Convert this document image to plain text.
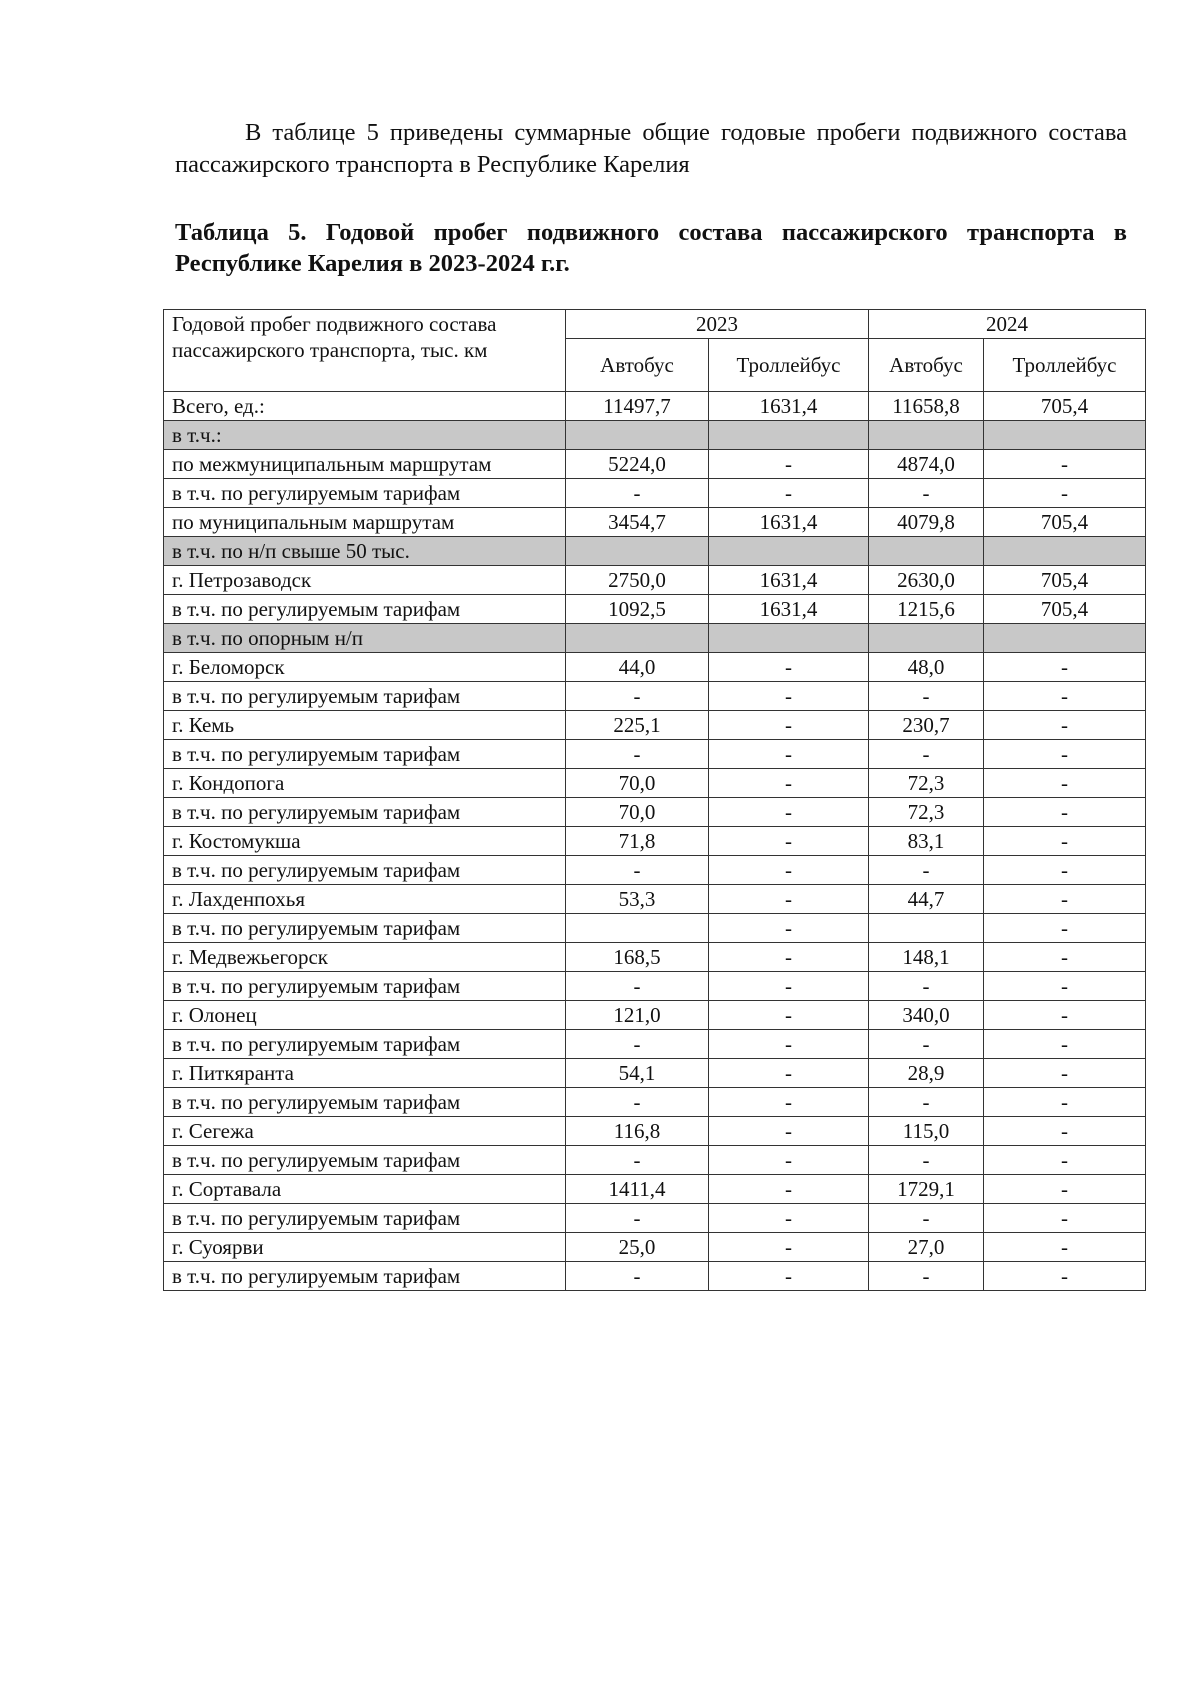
В таблице 5 приведены суммарные общие годовые пробеги подвижного состава пассажирского транспорта в Республике Карелия

Таблица 5. Годовой пробег подвижного состава пассажирского транспорта в Республике Карелия в 2023-2024 г.г.

Годовой пробег подвижного состава пассажирского транспорта, тыс. км	2023		2024	
	Автобус	Троллейбус	Автобус	Троллейбус
Всего, ед.:	11497,7	1631,4	11658,8	705,4
в т.ч.:				
по межмуниципальным маршрутам	5224,0	-	4874,0	-
в т.ч. по регулируемым тарифам	-	-	-	-
по муниципальным маршрутам	3454,7	1631,4	4079,8	705,4
в т.ч. по н/п свыше 50 тыс.				
г. Петрозаводск	2750,0	1631,4	2630,0	705,4
в т.ч. по регулируемым тарифам	1092,5	1631,4	1215,6	705,4
в т.ч. по опорным н/п				
г. Беломорск	44,0	-	48,0	-
в т.ч. по регулируемым тарифам	-	-	-	-
г. Кемь	225,1	-	230,7	-
в т.ч. по регулируемым тарифам	-	-	-	-
г. Кондопога	70,0	-	72,3	-
в т.ч. по регулируемым тарифам	70,0	-	72,3	-
г. Костомукша	71,8	-	83,1	-
в т.ч. по регулируемым тарифам	-	-	-	-
г. Лахденпохья	53,3	-	44,7	-
в т.ч. по регулируемым тарифам		-		-
г. Медвежьегорск	168,5	-	148,1	-
в т.ч. по регулируемым тарифам	-	-	-	-
г. Олонец	121,0	-	340,0	-
в т.ч. по регулируемым тарифам	-	-	-	-
г. Питкяранта	54,1	-	28,9	-
в т.ч. по регулируемым тарифам	-	-	-	-
г. Сегежа	116,8	-	115,0	-
в т.ч. по регулируемым тарифам	-	-	-	-
г. Сортавала	1411,4	-	1729,1	-
в т.ч. по регулируемым тарифам	-	-	-	-
г. Суоярви	25,0	-	27,0	-
в т.ч. по регулируемым тарифам	-	-	-	-
